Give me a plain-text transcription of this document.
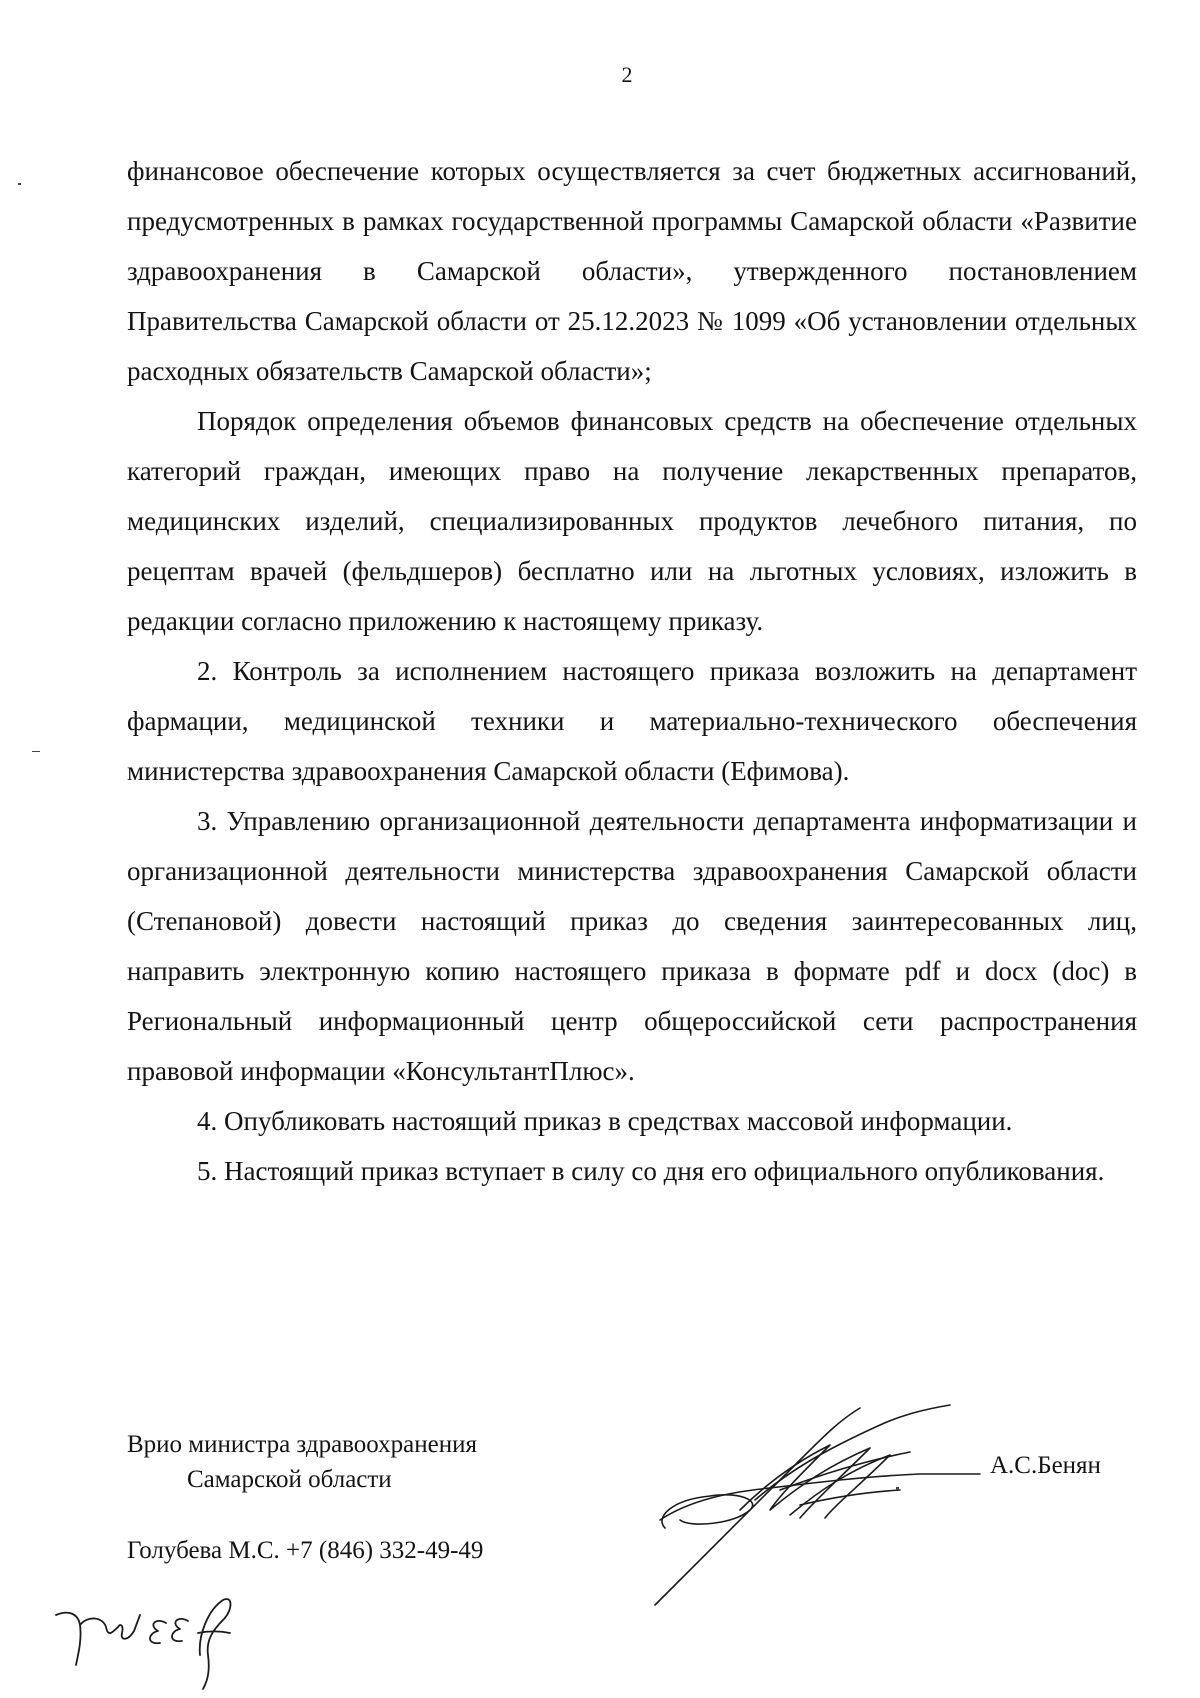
2

финансовое обеспечение которых осуществляется за счет бюджетных ассигнований, предусмотренных в рамках государственной программы Самарской области «Развитие здравоохранения в Самарской области», утвержденного постановлением Правительства Самарской области от 25.12.2023 № 1099 «Об установлении отдельных расходных обязательств Самарской области»;

Порядок определения объемов финансовых средств на обеспечение отдельных категорий граждан, имеющих право на получение лекарственных препаратов, медицинских изделий, специализированных продуктов лечебного питания, по рецептам врачей (фельдшеров) бесплатно или на льготных условиях, изложить в редакции согласно приложению к настоящему приказу.

2. Контроль за исполнением настоящего приказа возложить на департамент фармации, медицинской техники и материально-технического обеспечения министерства здравоохранения Самарской области (Ефимова).

3. Управлению организационной деятельности департамента информатизации и организационной деятельности министерства здравоохранения Самарской области (Степановой) довести настоящий приказ до сведения заинтересованных лиц, направить электронную копию настоящего приказа в формате pdf и docx (doc) в Региональный информационный центр общероссийской сети распространения правовой информации «КонсультантПлюс».

4. Опубликовать настоящий приказ в средствах массовой информации.

5. Настоящий приказ вступает в силу со дня его официального опубликования.

Врио министра здравоохранения
Самарской области
А.С.Бенян
Голубева М.С. +7 (846) 332-49-49
